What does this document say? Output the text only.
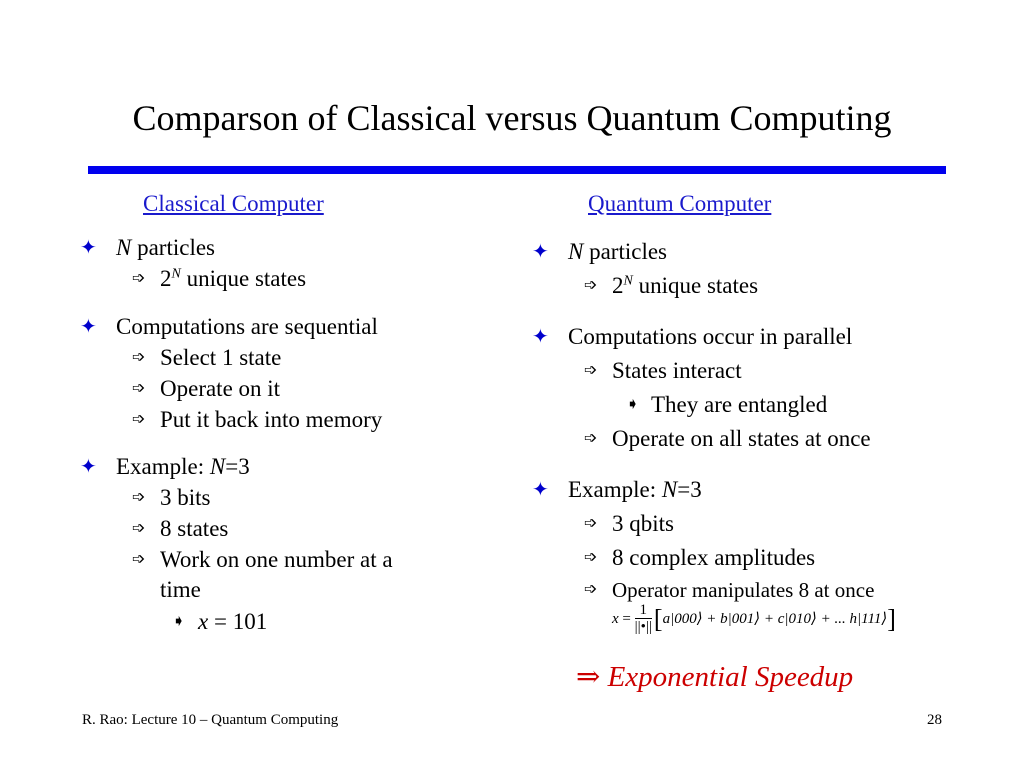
Comparson of Classical versus Quantum Computing
Classical Computer
✦ N particles
➩ $2^N$ unique states
✦ Computations are sequential
➩ Select 1 state
➩ Operate on it
➩ Put it back into memory
✦ Example: N=3
➩ 3 bits
➩ 8 states
➩ Work on one number at a
time
➧ x = 101
Quantum Computer
✦ N particles
➩ $2^N$ unique states
✦ Computations occur in parallel
➩ States interact
➧ They are entangled
➩ Operate on all states at once
✦ Example: N=3
➩ 3 qbits
➩ 8 complex amplitudes
➩ Operator manipulates 8 at once
$x = \frac{1}{||•||}$ [a|000⟩ + b|001⟩ + c|010⟩ + ... h|111⟩]
⇒ Exponential Speedup
R. Rao: Lecture 10 – Quantum Computing	28
